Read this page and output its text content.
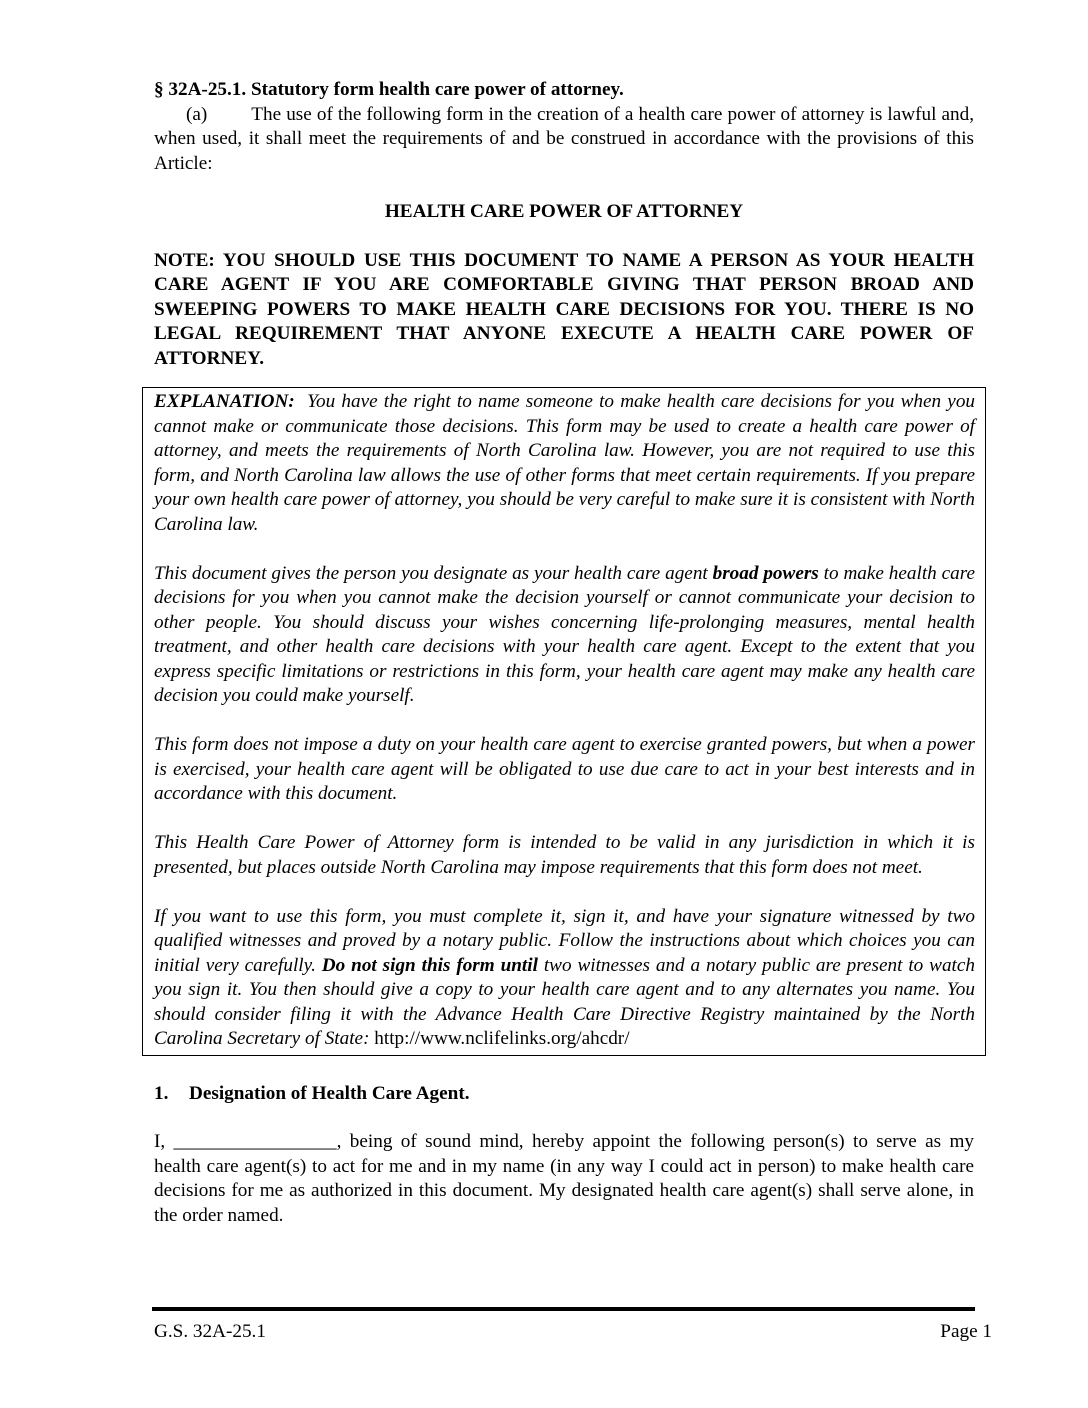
§ 32A-25.1. Statutory form health care power of attorney.

(a) The use of the following form in the creation of a health care power of attorney is lawful and, when used, it shall meet the requirements of and be construed in accordance with the provisions of this Article:

HEALTH CARE POWER OF ATTORNEY

NOTE: YOU SHOULD USE THIS DOCUMENT TO NAME A PERSON AS YOUR HEALTH CARE AGENT IF YOU ARE COMFORTABLE GIVING THAT PERSON BROAD AND SWEEPING POWERS TO MAKE HEALTH CARE DECISIONS FOR YOU. THERE IS NO LEGAL REQUIREMENT THAT ANYONE EXECUTE A HEALTH CARE POWER OF ATTORNEY.

EXPLANATION: You have the right to name someone to make health care decisions for you when you cannot make or communicate those decisions. This form may be used to create a health care power of attorney, and meets the requirements of North Carolina law. However, you are not required to use this form, and North Carolina law allows the use of other forms that meet certain requirements. If you prepare your own health care power of attorney, you should be very careful to make sure it is consistent with North Carolina law.

This document gives the person you designate as your health care agent broad powers to make health care decisions for you when you cannot make the decision yourself or cannot communicate your decision to other people. You should discuss your wishes concerning life-prolonging measures, mental health treatment, and other health care decisions with your health care agent. Except to the extent that you express specific limitations or restrictions in this form, your health care agent may make any health care decision you could make yourself.

This form does not impose a duty on your health care agent to exercise granted powers, but when a power is exercised, your health care agent will be obligated to use due care to act in your best interests and in accordance with this document.

This Health Care Power of Attorney form is intended to be valid in any jurisdiction in which it is presented, but places outside North Carolina may impose requirements that this form does not meet.

If you want to use this form, you must complete it, sign it, and have your signature witnessed by two qualified witnesses and proved by a notary public. Follow the instructions about which choices you can initial very carefully. Do not sign this form until two witnesses and a notary public are present to watch you sign it. You then should give a copy to your health care agent and to any alternates you name. You should consider filing it with the Advance Health Care Directive Registry maintained by the North Carolina Secretary of State: http://www.nclifelinks.org/ahcdr/

1. Designation of Health Care Agent.

I, _________________, being of sound mind, hereby appoint the following person(s) to serve as my health care agent(s) to act for me and in my name (in any way I could act in person) to make health care decisions for me as authorized in this document. My designated health care agent(s) shall serve alone, in the order named.

G.S. 32A-25.1	Page 1
